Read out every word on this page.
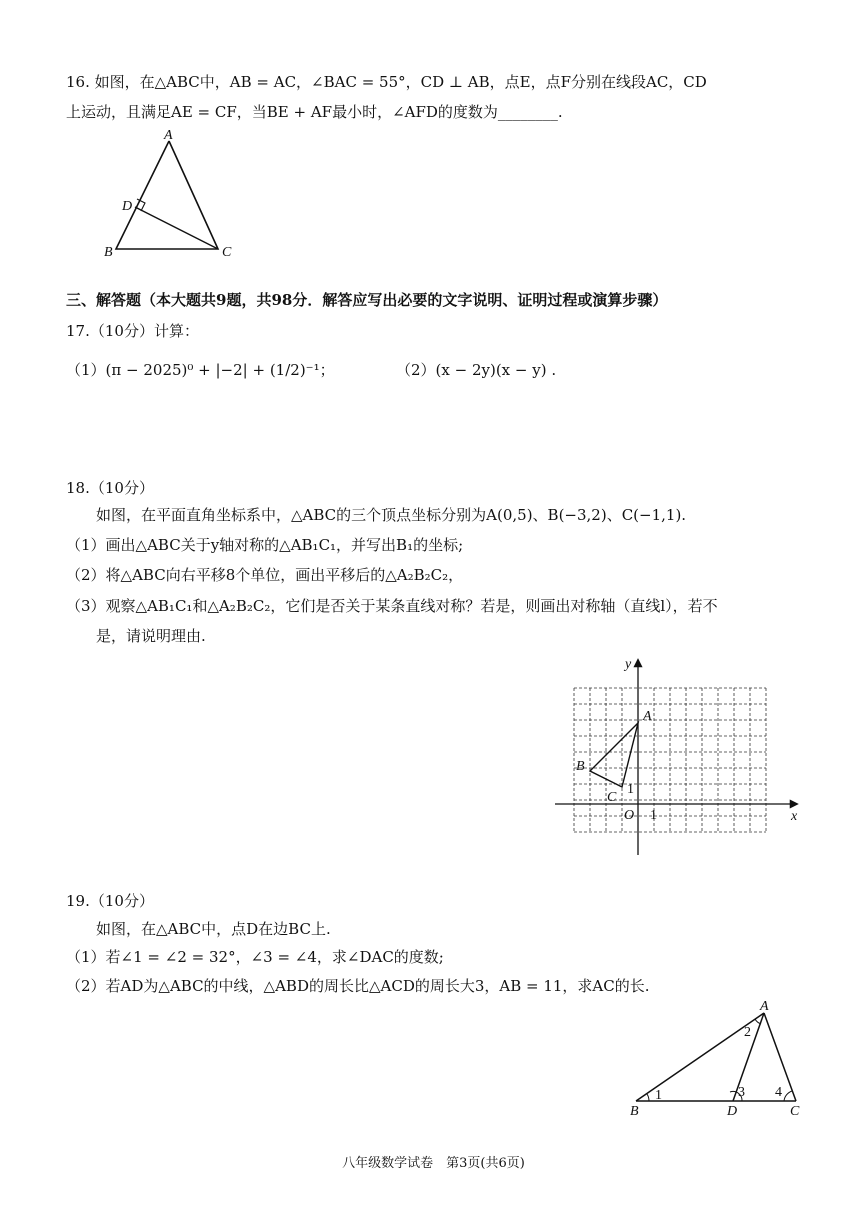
16. 如图，在△ABC中，AB = AC，∠BAC = 55°，CD ⊥ AB，点E，点F分别在线段AC，CD
上运动，且满足AE = CF，当BE + AF最小时，∠AFD的度数为________.
A
D
B	C
三、解答题（本大题共9题，共98分．解答应写出必要的文字说明、证明过程或演算步骤）
17.（10分）计算：
（1）(π − 2025)⁰ + |−2| + (1/2)⁻¹；	（2）(x − 2y)(x − y) .
18.（10分）
如图，在平面直角坐标系中，△ABC的三个顶点坐标分别为A(0,5)、B(−3,2)、C(−1,1).
（1）画出△ABC关于y轴对称的△AB₁C₁，并写出B₁的坐标;
（2）将△ABC向右平移8个单位，画出平移后的△A₂B₂C₂，
（3）观察△AB₁C₁和△A₂B₂C₂，它们是否关于某条直线对称？若是，则画出对称轴（直线l），若不
是，请说明理由.
x
y
O 1
1
A
B
C
19.（10分）
如图，在△ABC中，点D在边BC上.
（1）若∠1 = ∠2 = 32°，∠3 = ∠4，求∠DAC的度数;
（2）若AD为△ABC的中线，△ABD的周长比△ACD的周长大3，AB = 11，求AC的长.
A
B	D	C
1
2
3 4
八年级数学试卷　第3页(共6页)
